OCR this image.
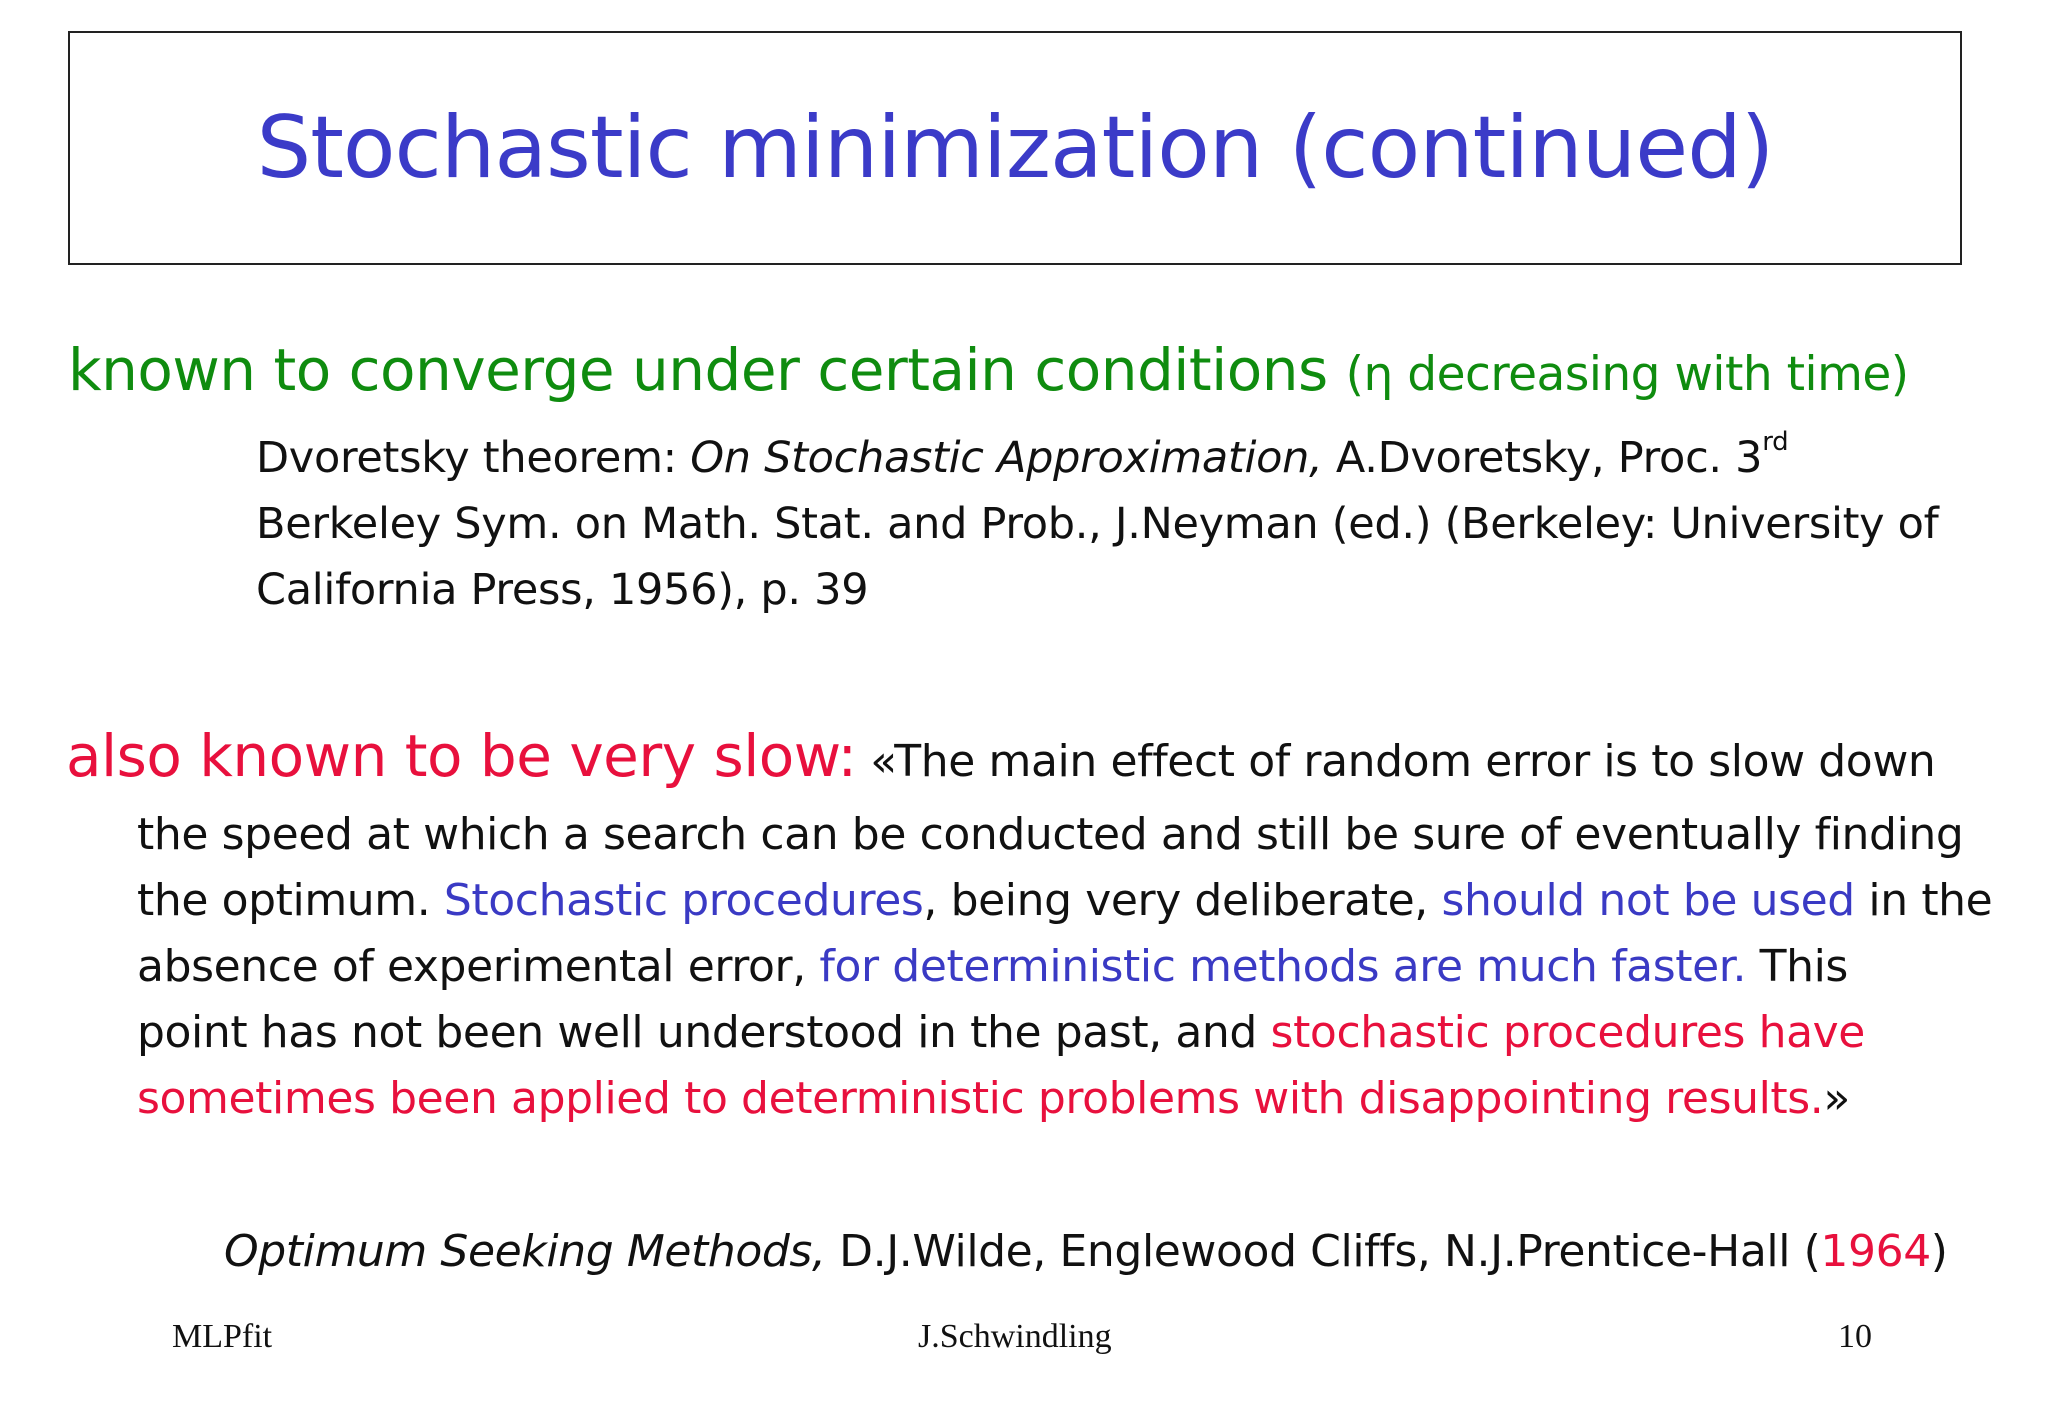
Stochastic minimization (continued)
known to converge under certain conditions (η decreasing with time)
Dvoretsky theorem: On Stochastic Approximation, A.Dvoretsky, Proc. 3rd
Berkeley Sym. on Math. Stat. and Prob., J.Neyman (ed.) (Berkeley: University of
California Press, 1956), p. 39
also known to be very slow: «The main effect of random error is to slow down
the speed at which a search can be conducted and still be sure of eventually finding
the optimum. Stochastic procedures, being very deliberate, should not be used in the
absence of experimental error, for deterministic methods are much faster. This
point has not been well understood in the past, and stochastic procedures have
sometimes been applied to deterministic problems with disappointing results.»
Optimum Seeking Methods, D.J.Wilde, Englewood Cliffs, N.J.Prentice-Hall (1964)
MLPfit	J.Schwindling	10
